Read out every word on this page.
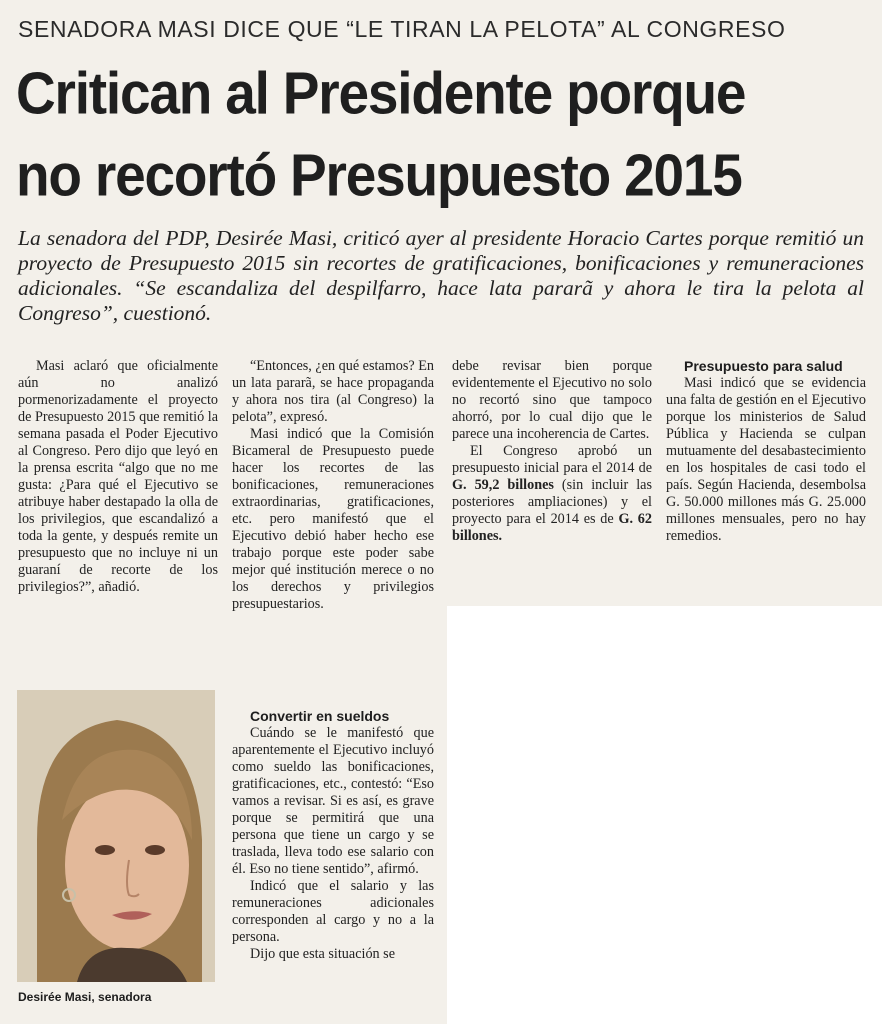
SENADORA MASI DICE QUE “LE TIRAN LA PELOTA” AL CONGRESO
Critican al Presidente porque
no recortó Presupuesto 2015
La senadora del PDP, Desirée Masi, criticó ayer al presidente Horacio Cartes porque remitió un proyecto de Presupuesto 2015 sin recortes de gratificaciones, bonificaciones y remuneraciones adicionales. “Se escandaliza del despilfarro, hace lata pararã y ahora le tira la pelota al Congreso”, cuestionó.

Masi aclaró que oficialmente aún no analizó pormenorizadamente el proyecto de Presupuesto 2015 que remitió la semana pasada el Poder Ejecutivo al Congreso. Pero dijo que leyó en la prensa escrita “algo que no me gusta: ¿Para qué el Ejecutivo se atribuye haber destapado la olla de los privilegios, que escandalizó a toda la gente, y después remite un presupuesto que no incluye ni un guaraní de recorte de los privilegios?”, añadió.

“Entonces, ¿en qué estamos? En un lata pararã, se hace propaganda y ahora nos tira (al Congreso) la pelota”, expresó.

Masi indicó que la Comisión Bicameral de Presupuesto puede hacer los recortes de las bonificaciones, remuneraciones extraordinarias, gratificaciones, etc. pero manifestó que el Ejecutivo debió haber hecho ese trabajo porque este poder sabe mejor qué institución merece o no los derechos y privilegios presupuestarios.

Convertir en sueldos

Cuándo se le manifestó que aparentemente el Ejecutivo incluyó como sueldo las bonificaciones, gratificaciones, etc., contestó: “Eso vamos a revisar. Si es así, es grave porque se permitirá que una persona que tiene un cargo y se traslada, lleva todo ese salario con él. Eso no tiene sentido”, afirmó.

Indicó que el salario y las remuneraciones adicionales corresponden al cargo y no a la persona.

Dijo que esta situación se

debe revisar bien porque evidentemente el Ejecutivo no solo no recortó sino que tampoco ahorró, por lo cual dijo que le parece una incoherencia de Cartes.

El Congreso aprobó un presupuesto inicial para el 2014 de G. 59,2 billones (sin incluir las posteriores ampliaciones) y el proyecto para el 2014 es de G. 62 billones.

Presupuesto para salud

Masi indicó que se evidencia una falta de gestión en el Ejecutivo porque los ministerios de Salud Pública y Hacienda se culpan mutuamente del desabastecimiento en los hospitales de casi todo el país. Según Hacienda, desembolsa G. 50.000 millones más G. 25.000 millones mensuales, pero no hay remedios.

Desirée Masi, senadora
